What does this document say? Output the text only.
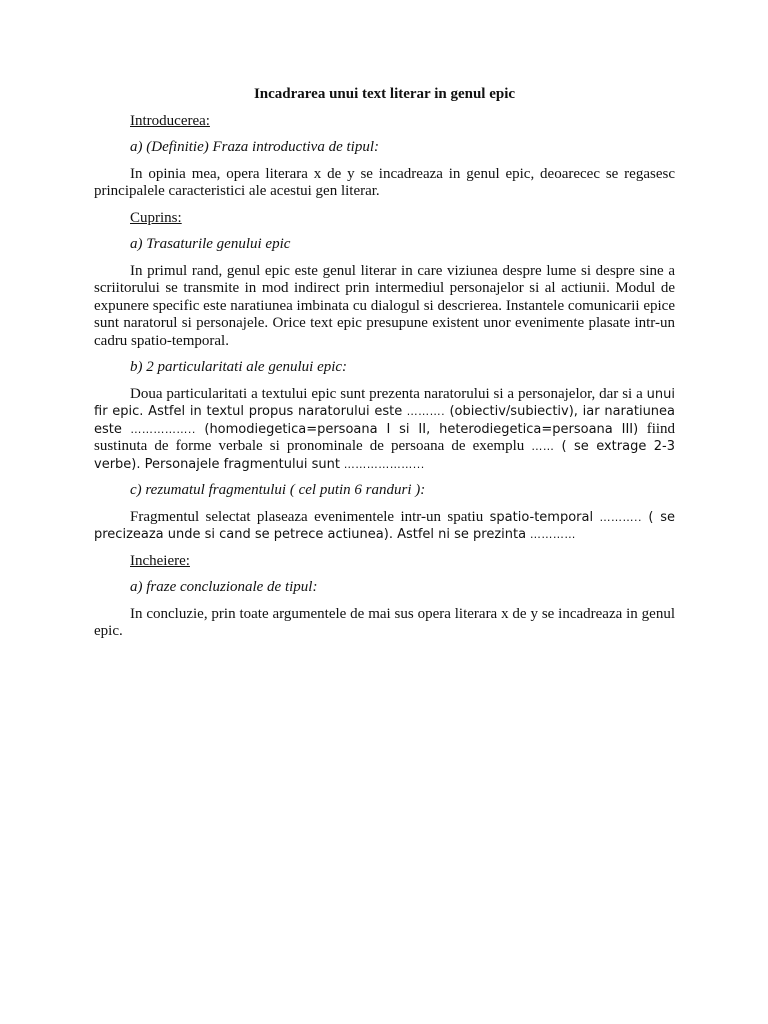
Incadrarea unui text literar in genul epic

Introducerea:

a) (Definitie) Fraza introductiva de tipul:

In opinia mea, opera literara x de y se incadreaza in genul epic, deoarecec se regasesc principalele caracteristici ale acestui gen literar.

Cuprins:

a) Trasaturile genului epic

In primul rand, genul epic este genul literar in care viziunea despre lume si despre sine a scriitorului se transmite in mod indirect prin intermediul personajelor si al actiunii. Modul de expunere specific este naratiunea imbinata cu dialogul si descrierea. Instantele comunicarii epice sunt naratorul si personajele. Orice text epic presupune existent unor evenimente plasate intr-un cadru spatio-temporal.

b) 2 particularitati ale genului epic:

Doua particularitati a textului epic sunt prezenta naratorului si a personajelor, dar si a unui fir epic. Astfel in textul propus naratorului este ………. (obiectiv/subiectiv), iar naratiunea este …………….. (homodiegetica=persoana I si II, heterodiegetica=persoana III) fiind sustinuta de forme verbale si pronominale de persoana de exemplu …… ( se extrage 2-3 verbe). Personajele fragmentului sunt ………………...

c) rezumatul fragmentului ( cel putin 6 randuri ):

Fragmentul selectat plaseaza evenimentele intr-un spatiu spatio-temporal ……….. ( se precizeaza unde si cand se petrece actiunea). Astfel ni se prezinta …………

Incheiere:

a) fraze concluzionale de tipul:

In concluzie, prin toate argumentele de mai sus opera literara x de y se incadreaza in genul epic.
